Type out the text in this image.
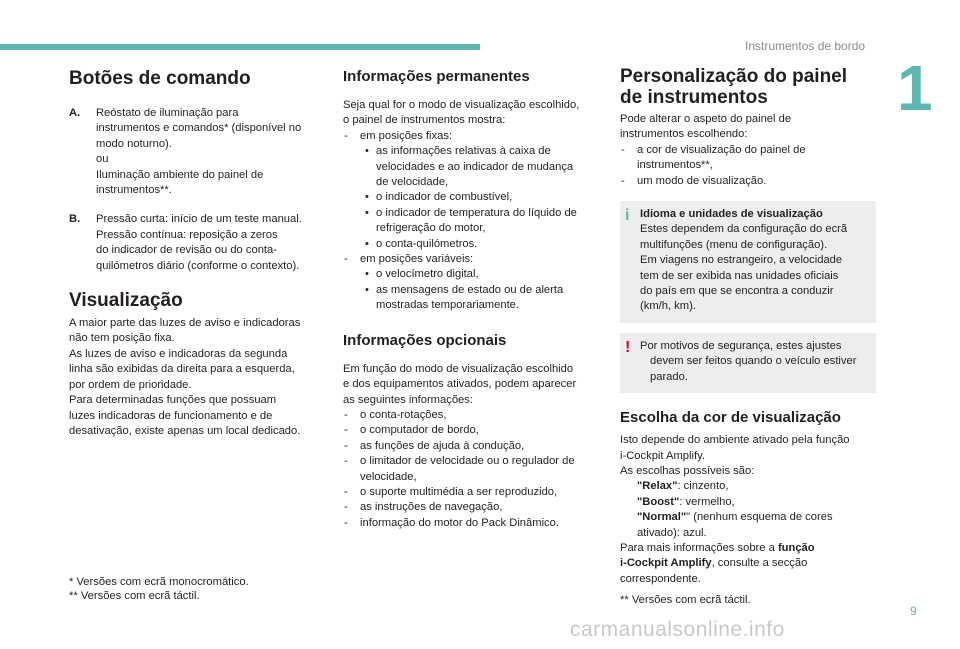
Instrumentos de bordo
1
9
carmanualsonline.info
Botões de comando
A. Reóstato de iluminação para

instrumentos e comandos* (disponível no

modo noturno).

ou

Iluminação ambiente do painel de

instrumentos**.

B. Pressão curta: início de um teste manual.

Pressão contínua: reposição a zeros

do indicador de revisão ou do conta-

quilómetros diário (conforme o contexto).

Visualização

A maior parte das luzes de aviso e indicadoras

não tem posição fixa.

As luzes de aviso e indicadoras da segunda

linha são exibidas da direita para a esquerda,

por ordem de prioridade.

Para determinadas funções que possuam

luzes indicadoras de funcionamento e de

desativação, existe apenas um local dedicado.

* Versões com ecrã monocromático.
** Versões com ecrã táctil.
Informações permanentes

Seja qual for o modo de visualização escolhido,

o painel de instrumentos mostra:

- em posições fixas:

• as informações relativas à caixa de

velocidades e ao indicador de mudança

de velocidade,

• o indicador de combustível,

• o indicador de temperatura do líquido de

refrigeração do motor,

• o conta-quilómetros.

- em posições variáveis:

• o velocímetro digital,

• as mensagens de estado ou de alerta

mostradas temporariamente.

Informações opcionais

Em função do modo de visualização escolhido

e dos equipamentos ativados, podem aparecer

as seguintes informações:

- o conta-rotações,

- o computador de bordo,

- as funções de ajuda à condução,

- o limitador de velocidade ou o regulador de

velocidade,

- o suporte multimédia a ser reproduzido,

- as instruções de navegação,

- informação do motor do Pack Dinâmico.

Personalização do painel
de instrumentos

Pode alterar o aspeto do painel de

instrumentos escolhendo:

- a cor de visualização do painel de

instrumentos**,

- um modo de visualização.

i Idioma e unidades de visualização

Estes dependem da configuração do ecrã

multifunções (menu de configuração).

Em viagens no estrangeiro, a velocidade

tem de ser exibida nas unidades oficiais

do país em que se encontra a conduzir

(km/h, km).

! Por motivos de segurança, estes ajustes

devem ser feitos quando o veículo estiver

parado.

Escolha da cor de visualização

Isto depende do ambiente ativado pela função

i-Cockpit Amplify.

As escolhas possíveis são:

"Relax": cinzento,

"Boost": vermelho,

"Normal"" (nenhum esquema de cores

ativado): azul.

Para mais informações sobre a função

i-Cockpit Amplify, consulte a secção

correspondente.

** Versões com ecrã táctil.
